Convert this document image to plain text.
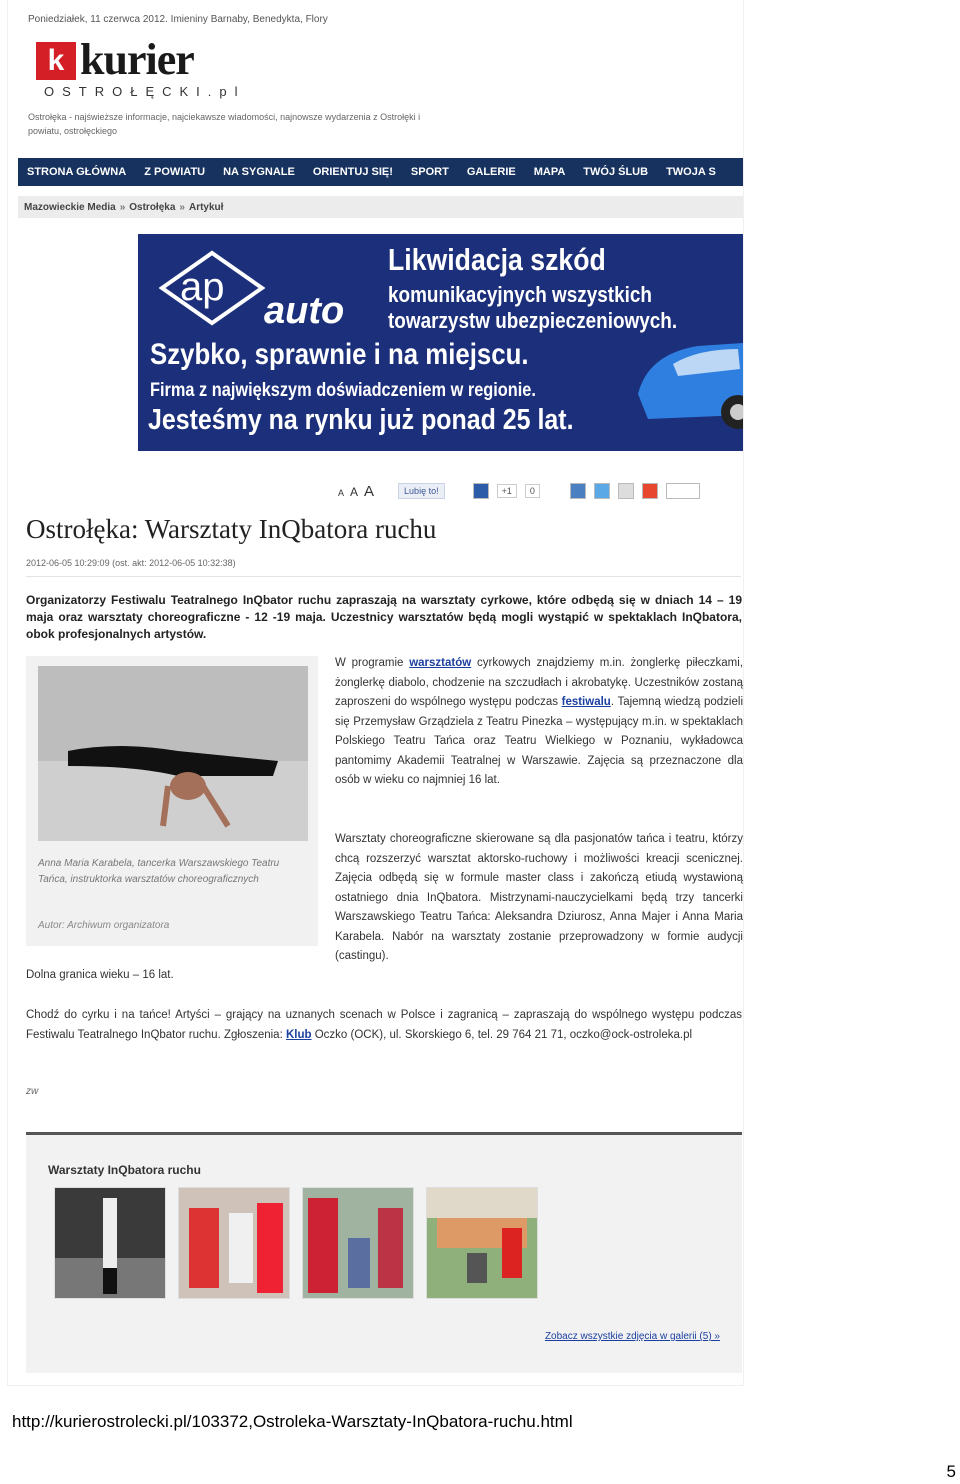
Poniedziałek, 11 czerwca 2012. Imieniny Barnaby, Benedykta, Flory
k kurier
OSTROŁĘCKI.pl
Ostrołęka - najświeższe informacje, najciekawsze wiadomości, najnowsze wydarzenia z Ostrołęki i powiatu, ostrołęckiego
STRONA GŁÓWNA	Z POWIATU	NA SYGNALE	ORIENTUJ SIĘ!	SPORT	GALERIE	MAPA	TWÓJ ŚLUB	TWOJA S
Mazowieckie Media » Ostrołęka » Artykuł
ap
auto
Likwidacja szkód
komunikacyjnych wszystkich
towarzystw ubezpieczeniowych.
Szybko, sprawnie i na miejscu.
Firma z największym doświadczeniem w regionie.
Jesteśmy na rynku już ponad 25 lat.
A A A	Lubię to!	+1	0
Ostrołęka: Warsztaty InQbatora ruchu
2012-06-05 10:29:09 (ost. akt: 2012-06-05 10:32:38)
Organizatorzy Festiwalu Teatralnego InQbator ruchu zapraszają na warsztaty cyrkowe, które odbędą się w dniach 14 – 19 maja oraz warsztaty choreograficzne - 12 -19 maja. Uczestnicy warsztatów będą mogli wystąpić w spektaklach InQbatora, obok profesjonalnych artystów.
Anna Maria Karabela, tancerka Warszawskiego Teatru Tańca, instruktorka warsztatów choreograficznych
Autor: Archiwum organizatora
W programie warsztatów cyrkowych znajdziemy m.in. żonglerkę piłeczkami, żonglerkę diabolo, chodzenie na szczudłach i akrobatykę. Uczestników zostaną zaproszeni do wspólnego występu podczas festiwalu. Tajemną wiedzą podzieli się Przemysław Grządziela z Teatru Pinezka – występujący m.in. w spektaklach Polskiego Teatru Tańca oraz Teatru Wielkiego w Poznaniu, wykładowca pantomimy Akademii Teatralnej w Warszawie. Zajęcia są przeznaczone dla osób w wieku co najmniej 16 lat.
Warsztaty choreograficzne skierowane są dla pasjonatów tańca i teatru, którzy chcą rozszerzyć warsztat aktorsko-ruchowy i możliwości kreacji scenicznej. Zajęcia odbędą się w formule master class i zakończą etiudą wystawioną ostatniego dnia InQbatora. Mistrzynami-nauczycielkami będą trzy tancerki Warszawskiego Teatru Tańca: Aleksandra Dziurosz, Anna Majer i Anna Maria Karabela. Nabór na warsztaty zostanie przeprowadzony w formie audycji (castingu).
Dolna granica wieku – 16 lat.
Chodź do cyrku i na tańce! Artyści – grający na uznanych scenach w Polsce i zagranicą – zapraszają do wspólnego występu podczas Festiwalu Teatralnego InQbator ruchu. Zgłoszenia: Klub Oczko (OCK), ul. Skorskiego 6, tel. 29 764 21 71, oczko@ock-ostroleka.pl
zw
Warsztaty InQbatora ruchu
Zobacz wszystkie zdjęcia w galerii (5) »
http://kurierostrolecki.pl/103372,Ostroleka-Warsztaty-InQbatora-ruchu.html
5
